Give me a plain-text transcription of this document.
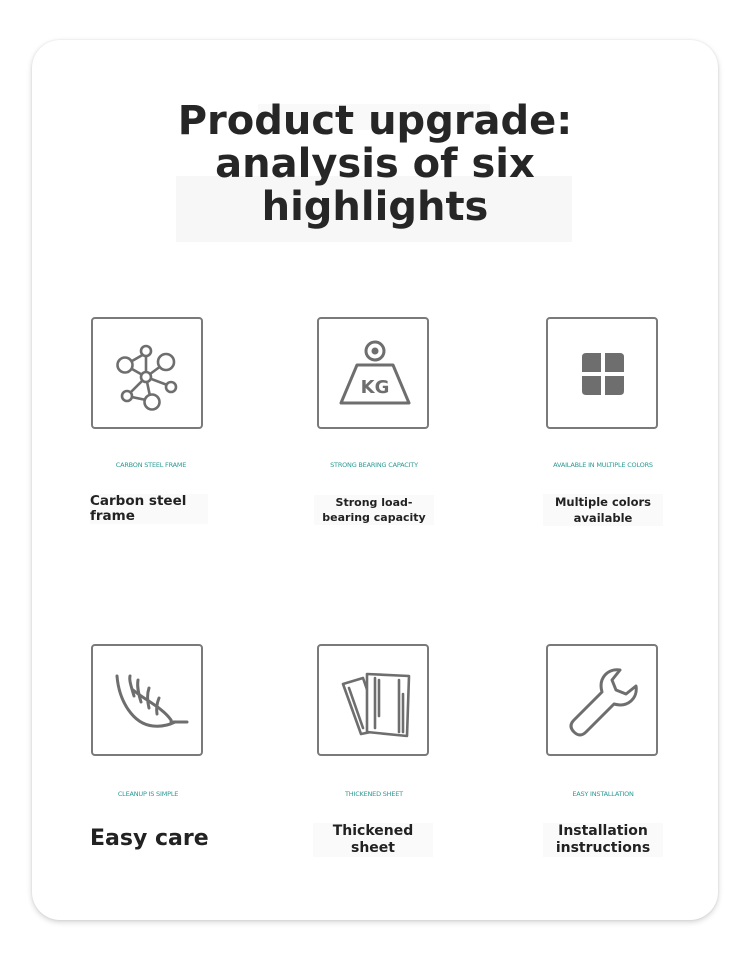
Product upgrade:
analysis of six
highlights
CARBON STEEL FRAME
Carbon steel frame
KG
STRONG BEARING CAPACITY
Strong load-bearing capacity
AVAILABLE IN MULTIPLE COLORS
Multiple colors available
CLEANUP IS SIMPLE
Easy care
THICKENED SHEET
Thickened sheet
EASY INSTALLATION
Installation instructions
